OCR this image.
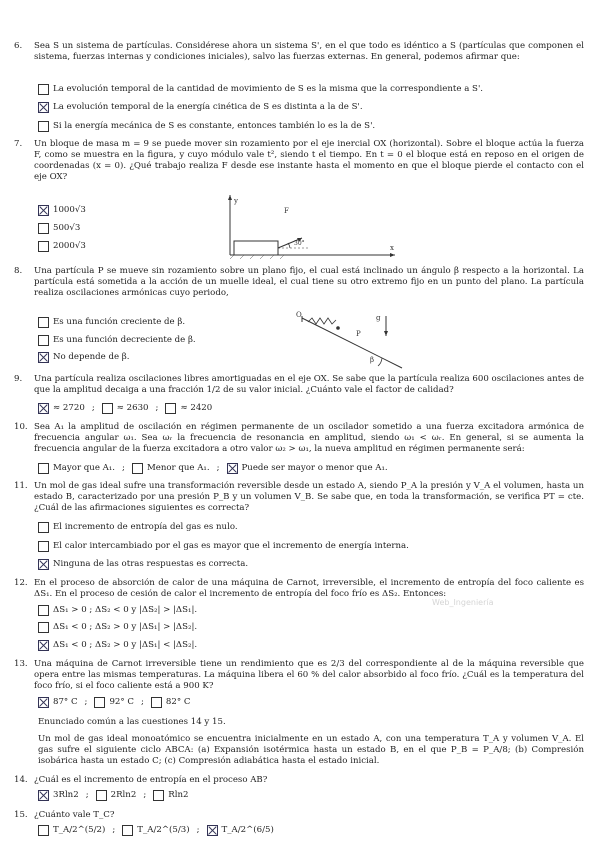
6.	Sea S un sistema de partículas. Considérese ahora un sistema S', en el que todo es idéntico a S (partículas que componen el sistema, fuerzas internas y condiciones iniciales), salvo las fuerzas externas. En general, podemos afirmar que:
La evolución temporal de la cantidad de movimiento de S es la misma que la correspondiente a S'.
La evolución temporal de la energía cinética de S es distinta a la de S'.
Si la energía mecánica de S es constante, entonces también lo es la de S'.
7.	Un bloque de masa m = 9 se puede mover sin rozamiento por el eje inercial OX (horizontal). Sobre el bloque actúa la fuerza F, como se muestra en la figura, y cuyo módulo vale t², siendo t el tiempo. En t = 0 el bloque está en reposo en el origen de coordenadas (x = 0). ¿Qué trabajo realiza F desde ese instante hasta el momento en que el bloque pierde el contacto con el eje OX?
1000√3
500√3
2000√3
y
x
F
30°
8.	Una partícula P se mueve sin rozamiento sobre un plano fijo, el cual está inclinado un ángulo β respecto a la horizontal. La partícula está sometida a la acción de un muelle ideal, el cual tiene su otro extremo fijo en un punto del plano. La partícula realiza oscilaciones armónicas cuyo periodo,
Es una función creciente de β.
Es una función decreciente de β.
No depende de β.
O
P
g
β
9.	Una partícula realiza oscilaciones libres amortiguadas en el eje OX. Se sabe que la partícula realiza 600 oscilaciones antes de que la amplitud decaiga a una fracción 1/2 de su valor inicial. ¿Cuánto vale el factor de calidad?
≈ 2720 ;	≈ 2630 ;	≈ 2420
10. Sea A₁ la amplitud de oscilación en régimen permanente de un oscilador sometido a una fuerza excitadora armónica de frecuencia angular ω₁. Sea ωᵣ la frecuencia de resonancia en amplitud, siendo ω₁ < ωᵣ. En general, si se aumenta la frecuencia angular de la fuerza excitadora a otro valor ω₂ > ω₁, la nueva amplitud en régimen permanente será:
Mayor que A₁. ;	Menor que A₁. ;	Puede ser mayor o menor que A₁.
11. Un mol de gas ideal sufre una transformación reversible desde un estado A, siendo P_A la presión y V_A el volumen, hasta un estado B, caracterizado por una presión P_B y un volumen V_B. Se sabe que, en toda la transformación, se verifica PT = cte. ¿Cuál de las afirmaciones siguientes es correcta?
El incremento de entropía del gas es nulo.
El calor intercambiado por el gas es mayor que el incremento de energía interna.
Ninguna de las otras respuestas es correcta.
12. En el proceso de absorción de calor de una máquina de Carnot, irreversible, el incremento de entropía del foco caliente es ΔS₁. En el proceso de cesión de calor el incremento de entropía del foco frío es ΔS₂. Entonces:
ΔS₁ > 0 ; ΔS₂ < 0 y |ΔS₂| > |ΔS₁|.
ΔS₁ < 0 ; ΔS₂ > 0 y |ΔS₁| > |ΔS₂|.
ΔS₁ < 0 ; ΔS₂ > 0 y |ΔS₁| < |ΔS₂|.
Web_Ingeniería
13. Una máquina de Carnot irreversible tiene un rendimiento que es 2/3 del correspondiente al de la máquina reversible que opera entre las mismas temperaturas. La máquina libera el 60 % del calor absorbido al foco frío. ¿Cuál es la temperatura del foco frío, si el foco caliente está a 900 K?
87° C ;	92° C ;	82° C
Enunciado común a las cuestiones 14 y 15.
Un mol de gas ideal monoatómico se encuentra inicialmente en un estado A, con una temperatura T_A y volumen V_A. El gas sufre el siguiente ciclo ABCA: (a) Expansión isotérmica hasta un estado B, en el que P_B = P_A/8; (b) Compresión isobárica hasta un estado C; (c) Compresión adiabática hasta el estado inicial.
14. ¿Cuál es el incremento de entropía en el proceso AB?
3Rln2 ;	2Rln2 ;	Rln2
15. ¿Cuánto vale T_C?
T_A/2^(5/2) ;	T_A/2^(5/3) ;	T_A/2^(6/5)
